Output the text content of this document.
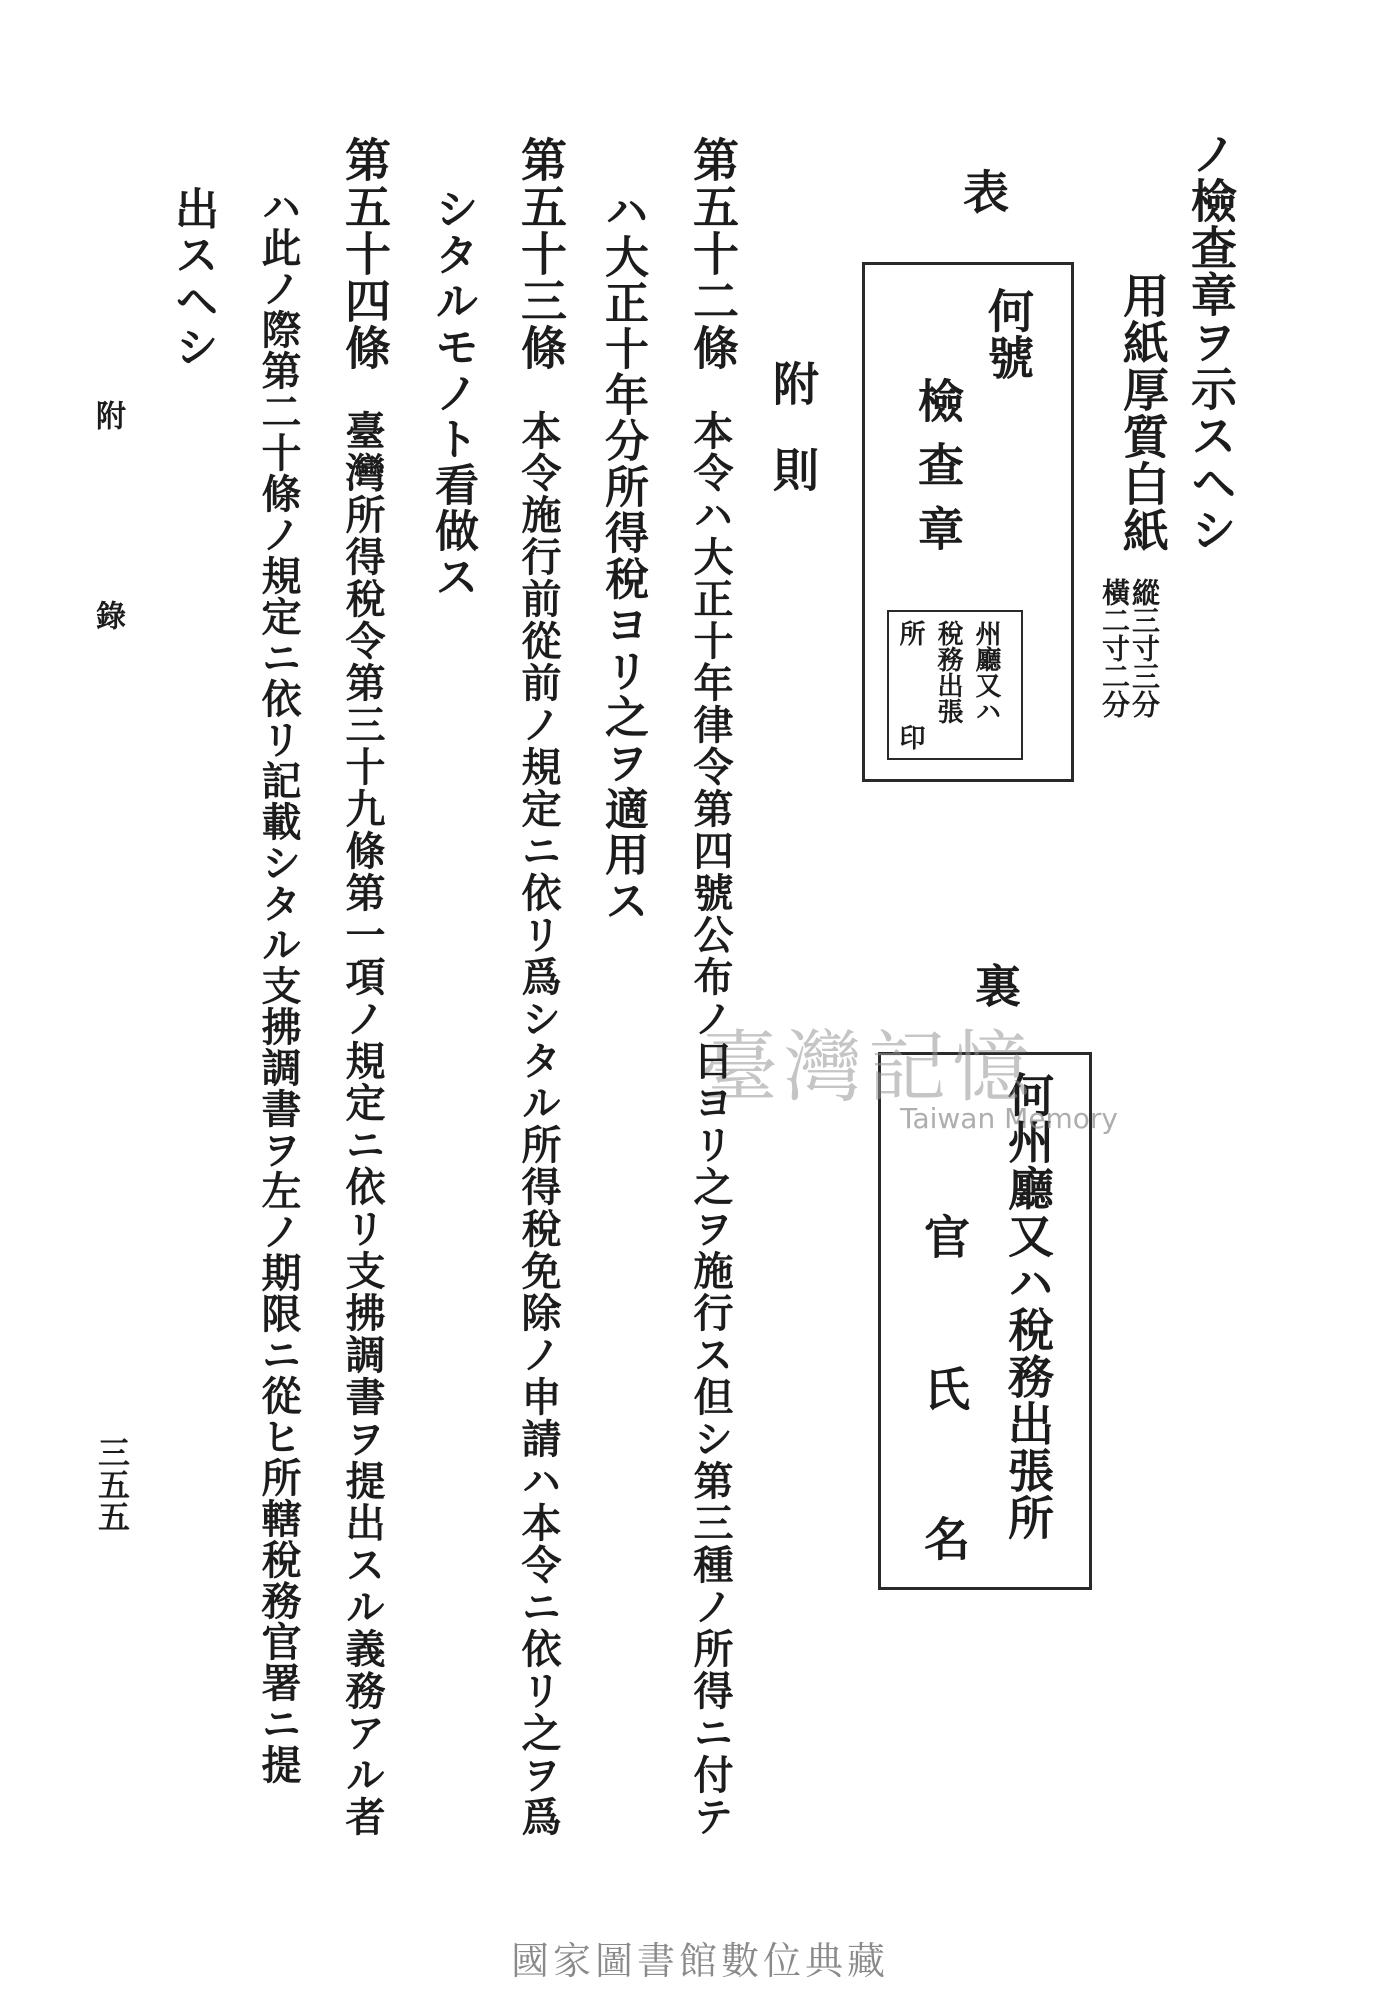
ノ檢查章ヲ示スヘシ
用紙厚質白紙
縱三寸三分
橫二寸二分
表
何號
檢查章
州廳又ハ
稅務出張
所
印
裏
何州廳又ハ稅務出張所
官
氏
名
臺灣記憶
Taiwan Memory
附則
第五十二條
本令ハ大正十年律令第四號公布ノ日ヨリ之ヲ施行ス但シ第三種ノ所得ニ付テ
ハ大正十年分所得稅ヨリ之ヲ適用ス
第五十三條
本令施行前從前ノ規定ニ依リ爲シタル所得稅免除ノ申請ハ本令ニ依リ之ヲ爲
シタルモノト看做ス
第五十四條
臺灣所得稅令第三十九條第一項ノ規定ニ依リ支拂調書ヲ提出スル義務アル者
ハ此ノ際第二十條ノ規定ニ依リ記載シタル支拂調書ヲ左ノ期限ニ從ヒ所轄稅務官署ニ提
出スヘシ
附　　　錄
三五五
國家圖書館數位典藏
